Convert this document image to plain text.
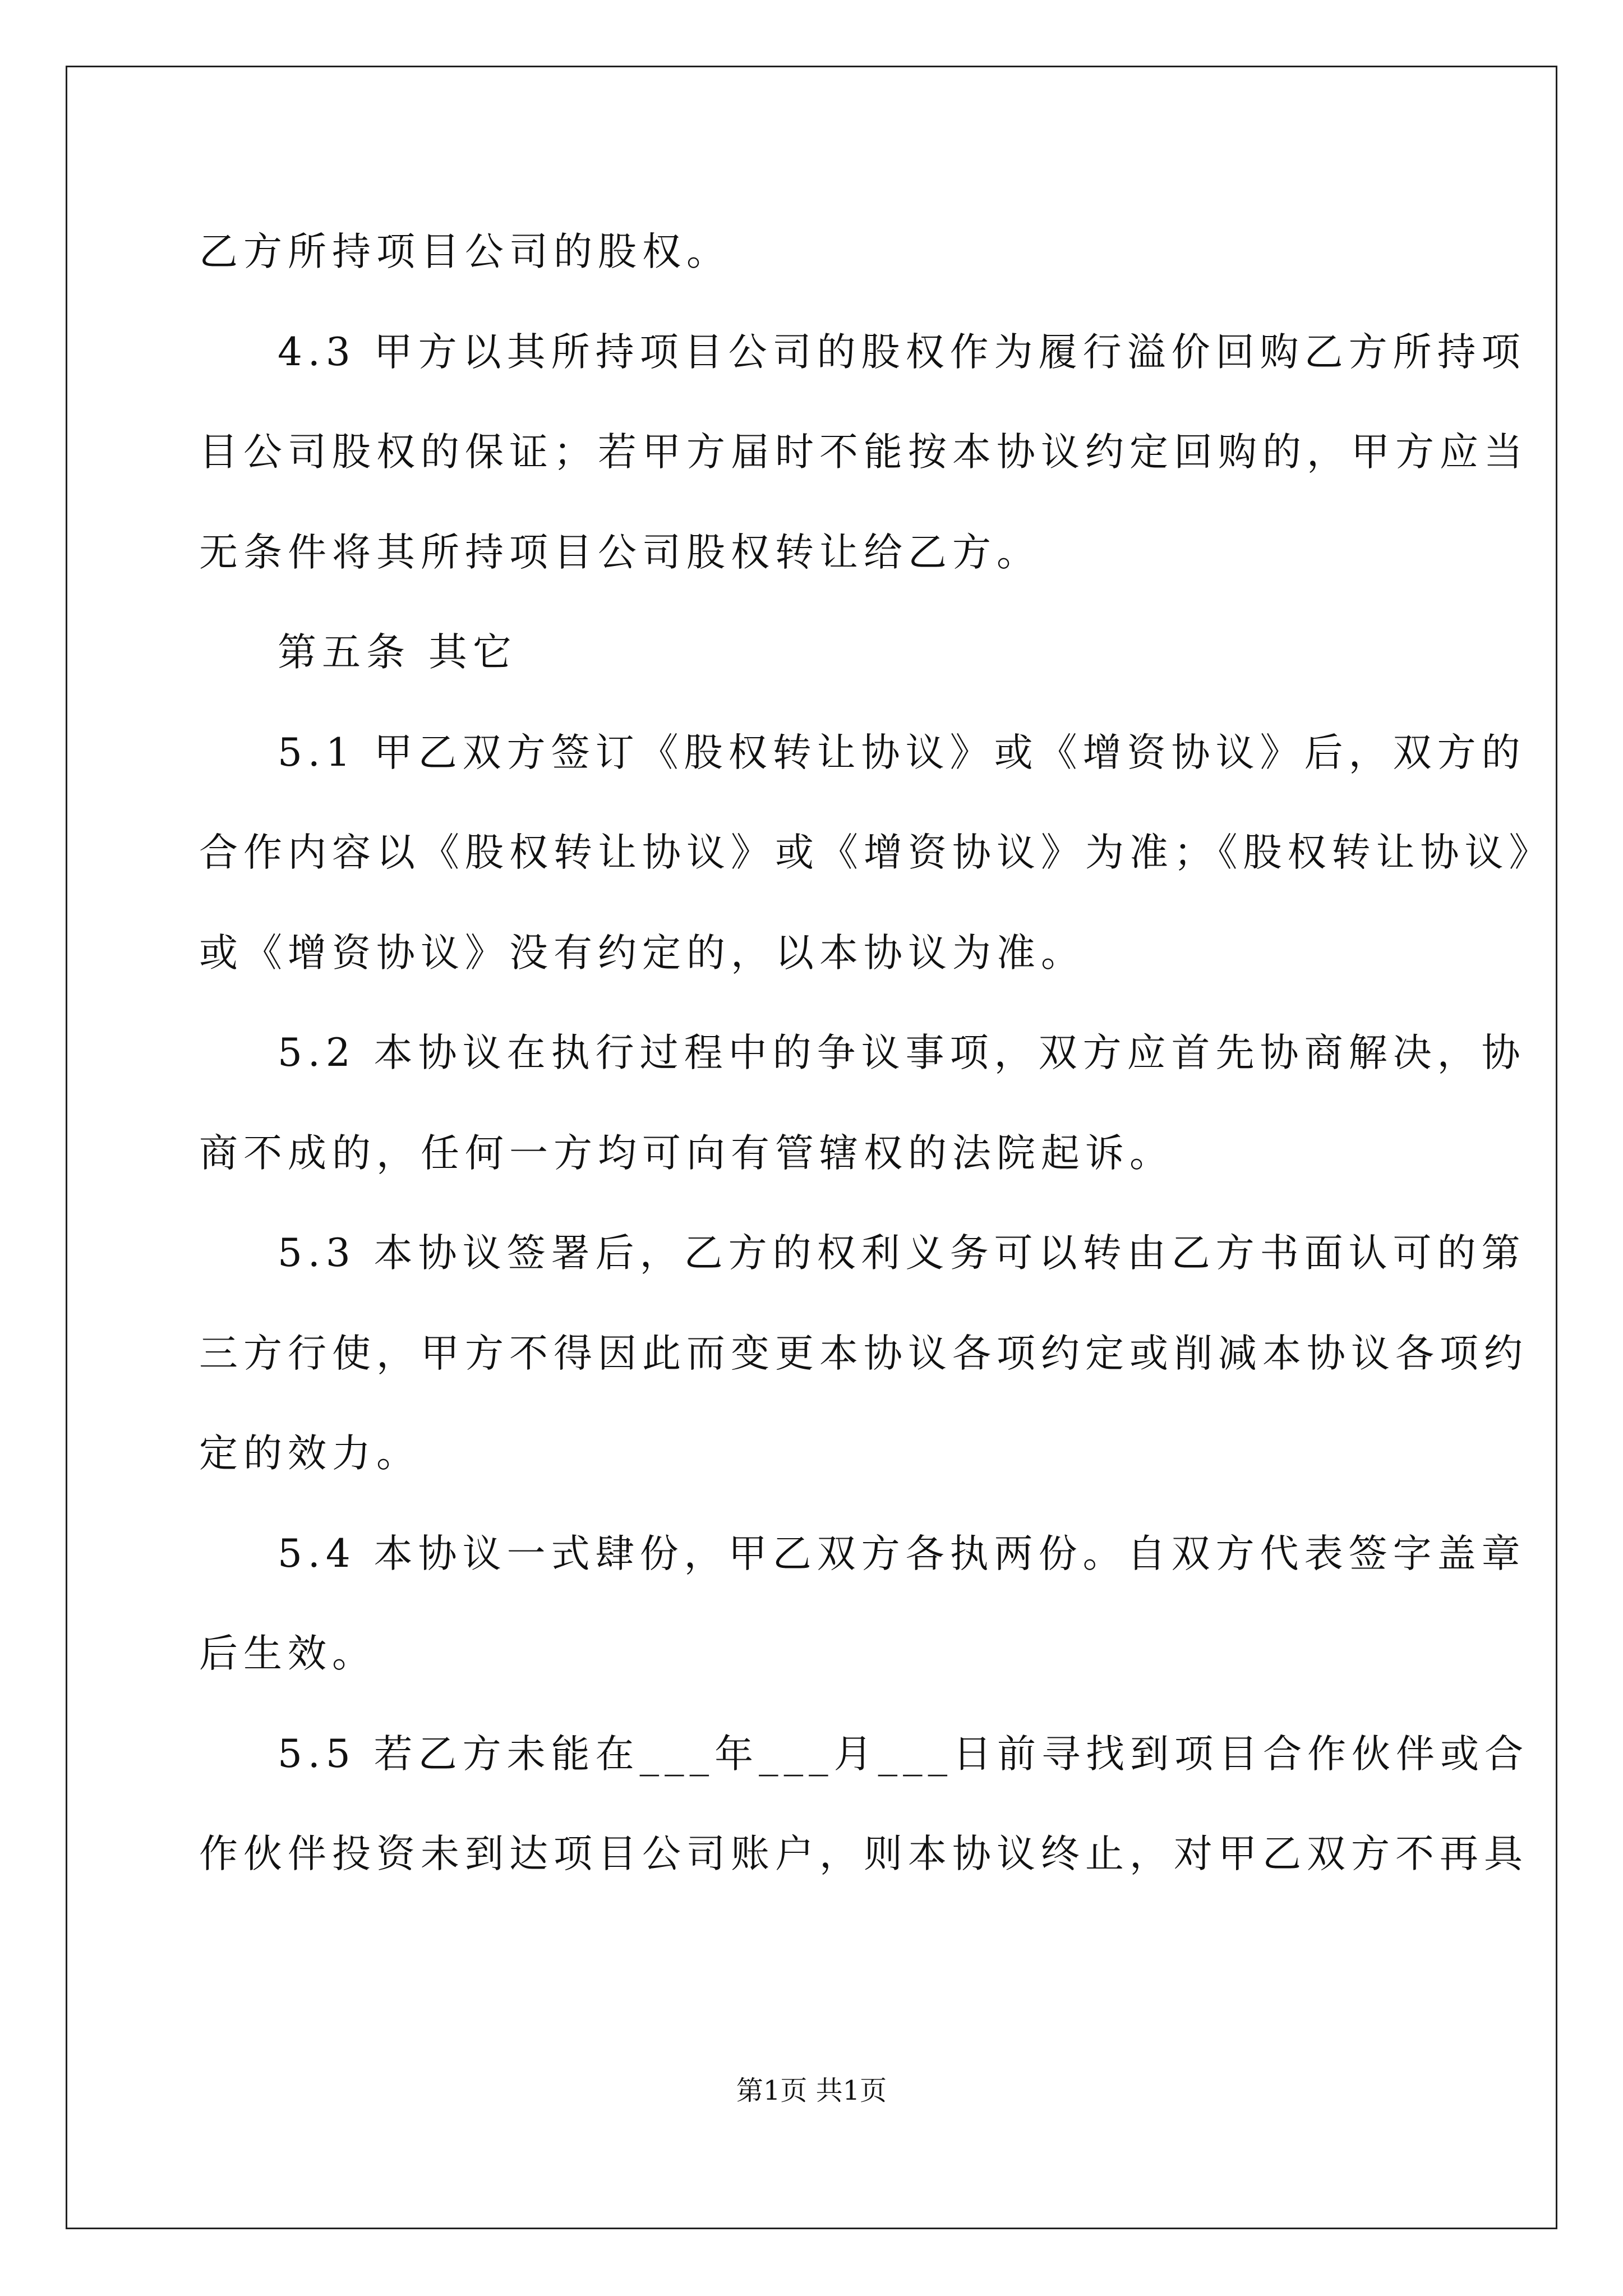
乙方所持项目公司的股权。
4.3 甲方以其所持项目公司的股权作为履行溢价回购乙方所持项
目公司股权的保证；若甲方届时不能按本协议约定回购的，甲方应当
无条件将其所持项目公司股权转让给乙方。
第五条 其它
5.1 甲乙双方签订《股权转让协议》或《增资协议》后，双方的
合作内容以《股权转让协议》或《增资协议》为准；《股权转让协议》
或《增资协议》没有约定的，以本协议为准。
5.2 本协议在执行过程中的争议事项，双方应首先协商解决，协
商不成的，任何一方均可向有管辖权的法院起诉。
5.3 本协议签署后，乙方的权利义务可以转由乙方书面认可的第
三方行使，甲方不得因此而变更本协议各项约定或削减本协议各项约
定的效力。
5.4 本协议一式肆份，甲乙双方各执两份。自双方代表签字盖章
后生效。
5.5 若乙方未能在___年___月___日前寻找到项目合作伙伴或合
作伙伴投资未到达项目公司账户，则本协议终止，对甲乙双方不再具
第1页 共1页
